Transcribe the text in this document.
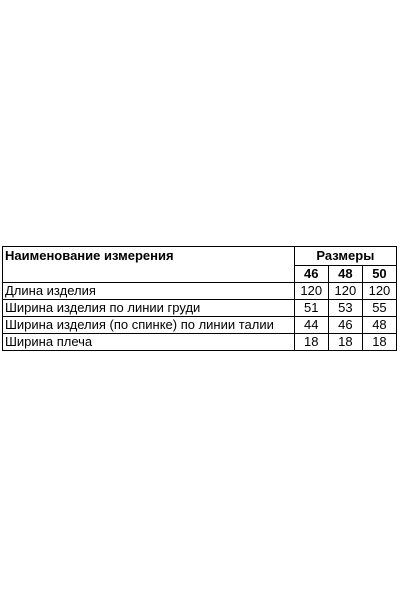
Наименование измерения	Размеры		
	46	48	50
Длина изделия	120	120	120
Ширина изделия по линии груди	51	53	55
Ширина изделия (по спинке) по линии талии	44	46	48
Ширина плеча	18	18	18
